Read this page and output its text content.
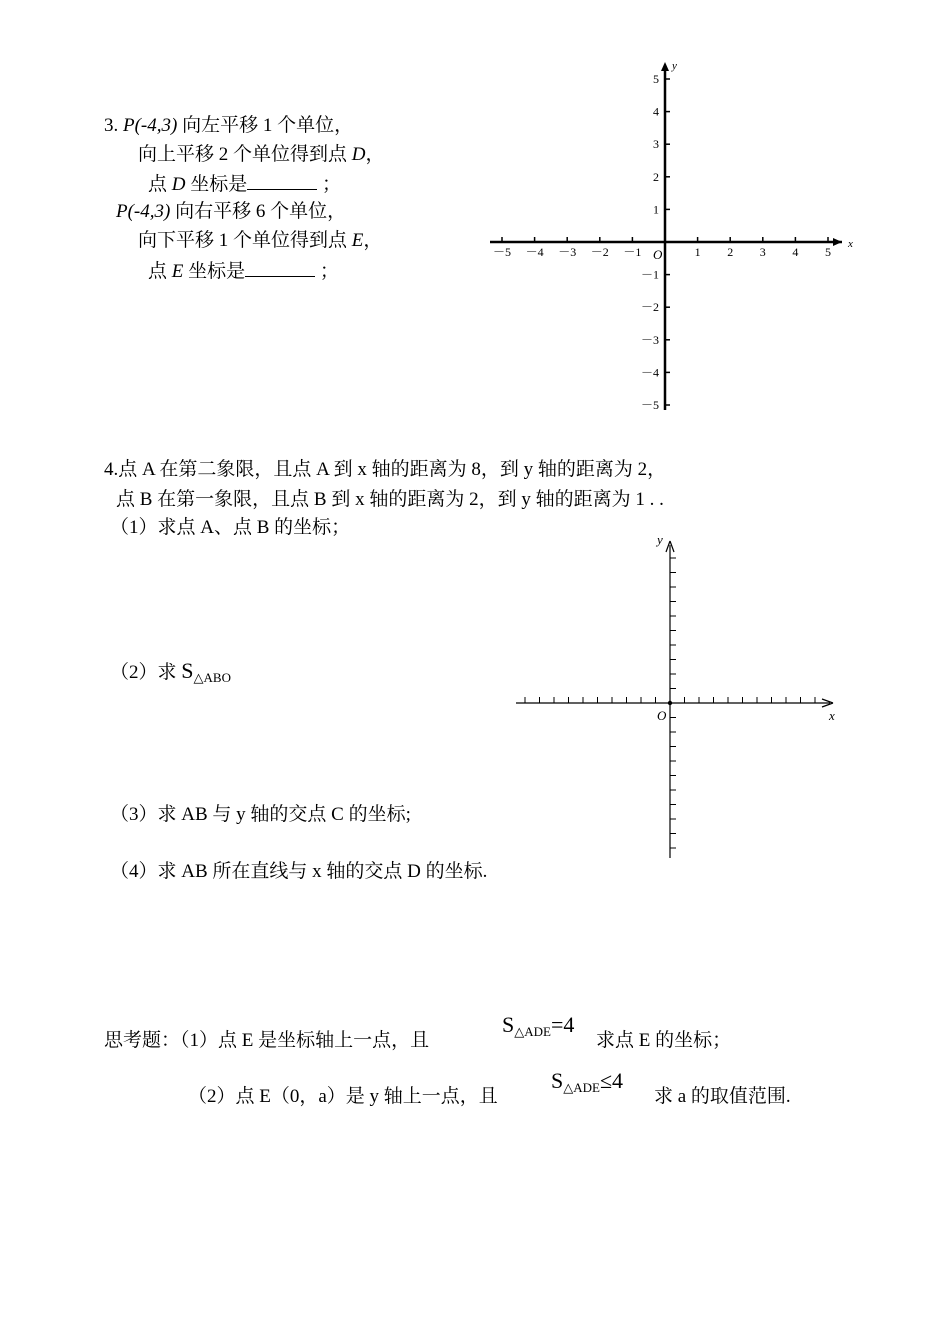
3. P(-4,3) 向左平移 1 个单位，
向上平移 2 个单位得到点 D，
点 D 坐标是	；
P(-4,3) 向右平移 6 个单位，
向下平移 1 个单位得到点 E，
点 E 坐标是	；
x
y
O
－5 －4 －3 －2 －1	1 2 3 4 5
5
4
3
2
1
－1
－2
－3
－4
－5
4.点 A 在第二象限，且点 A 到 x 轴的距离为 8，到 y 轴的距离为 2，
点 B 在第一象限，且点 B 到 x 轴的距离为 2，到 y 轴的距离为 1 . .
（1）求点 A、点 B 的坐标；
（2）求 S△ABO
（3）求 AB 与 y 轴的交点 C 的坐标;
（4）求 AB 所在直线与 x 轴的交点 D 的坐标.
x
y
O
思考题：（1）点 E 是坐标轴上一点，且
S△ADE=4
求点 E 的坐标；
（2）点 E（0，a）是 y 轴上一点，且
S△ADE≤4
求 a 的取值范围.
